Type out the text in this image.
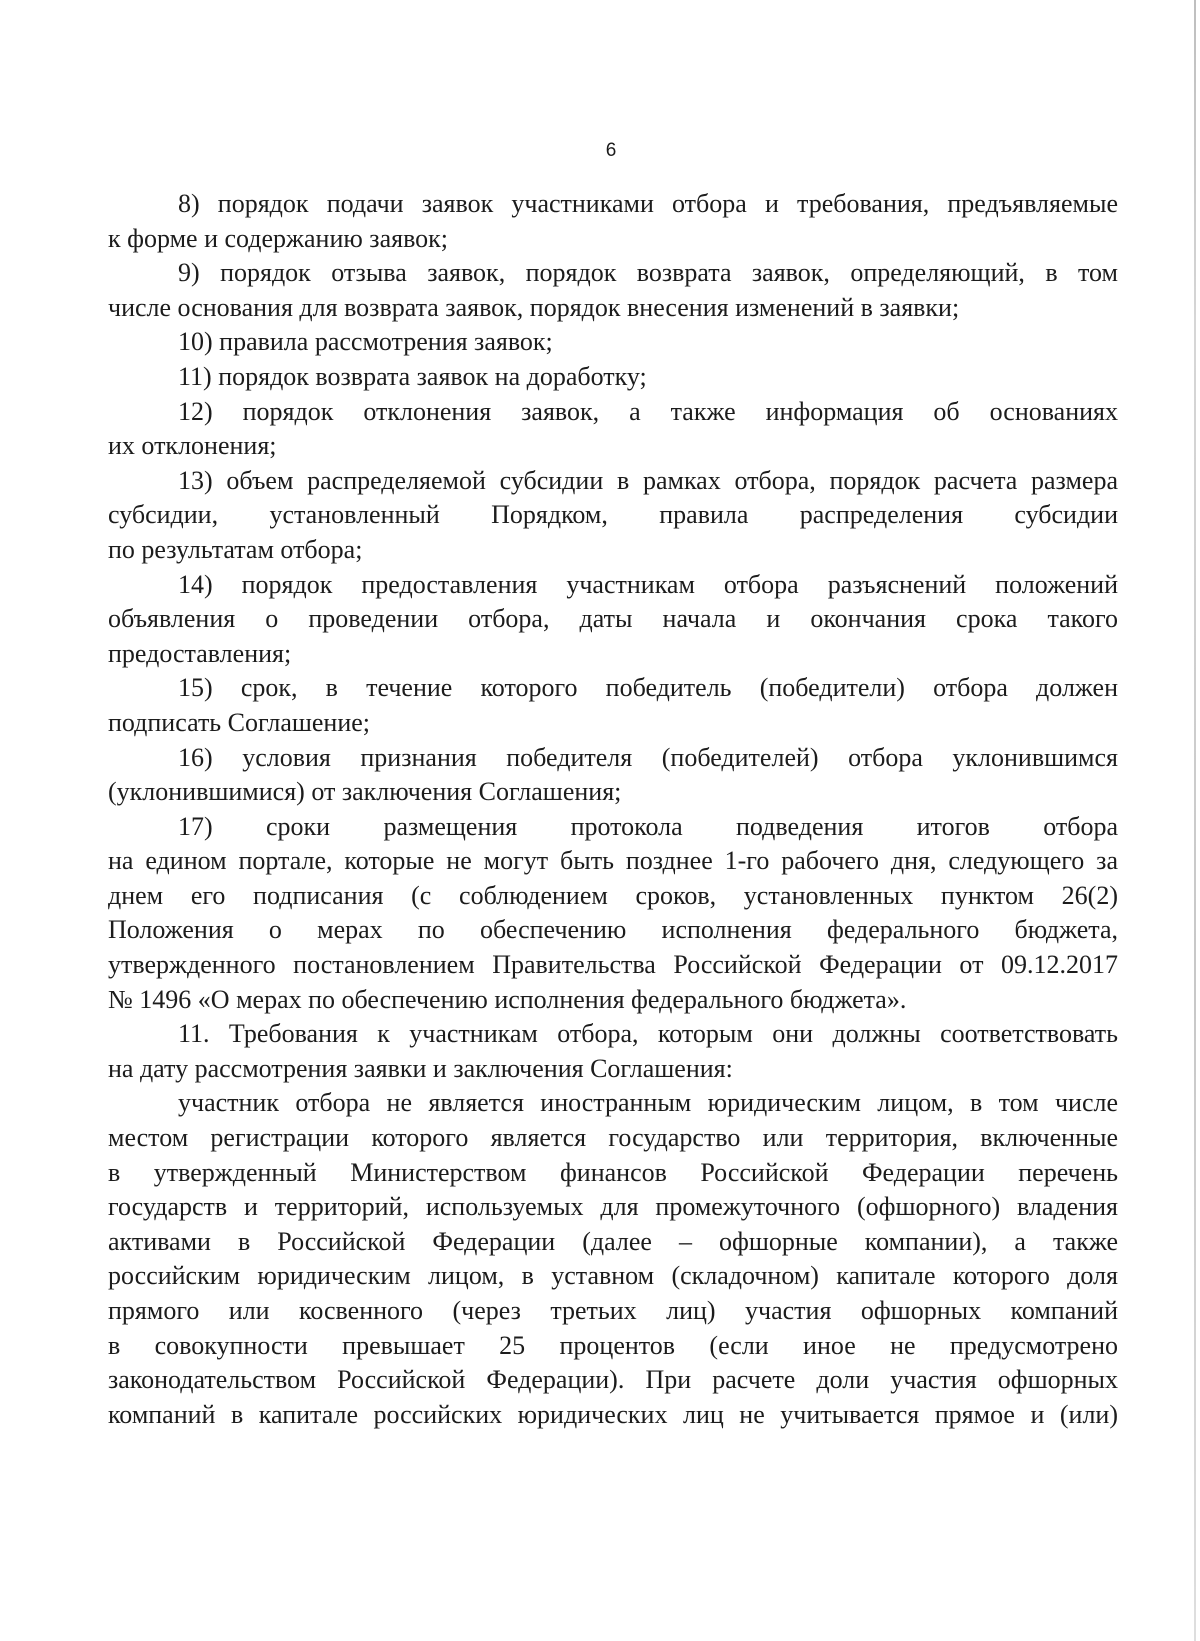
6
8) порядок подачи заявок участниками отбора и требования, предъявляемые
к форме и содержанию заявок;
9) порядок отзыва заявок, порядок возврата заявок, определяющий, в том
числе основания для возврата заявок, порядок внесения изменений в заявки;
10) правила рассмотрения заявок;
11) порядок возврата заявок на доработку;
12) порядок отклонения заявок, а также информация об основаниях
их отклонения;
13) объем распределяемой субсидии в рамках отбора, порядок расчета размера
субсидии, установленный Порядком, правила распределения субсидии
по результатам отбора;
14) порядок предоставления участникам отбора разъяснений положений
объявления о проведении отбора, даты начала и окончания срока такого
предоставления;
15) срок, в течение которого победитель (победители) отбора должен
подписать Соглашение;
16) условия признания победителя (победителей) отбора уклонившимся
(уклонившимися) от заключения Соглашения;
17) сроки размещения протокола подведения итогов отбора
на едином портале, которые не могут быть позднее 1-го рабочего дня, следующего за
днем его подписания (с соблюдением сроков, установленных пунктом 26(2)
Положения о мерах по обеспечению исполнения федерального бюджета,
утвержденного постановлением Правительства Российской Федерации от 09.12.2017
№ 1496 «О мерах по обеспечению исполнения федерального бюджета».
11. Требования к участникам отбора, которым они должны соответствовать
на дату рассмотрения заявки и заключения Соглашения:
участник отбора не является иностранным юридическим лицом, в том числе
местом регистрации которого является государство или территория, включенные
в утвержденный Министерством финансов Российской Федерации перечень
государств и территорий, используемых для промежуточного (офшорного) владения
активами в Российской Федерации (далее – офшорные компании), а также
российским юридическим лицом, в уставном (складочном) капитале которого доля
прямого или косвенного (через третьих лиц) участия офшорных компаний
в совокупности превышает 25 процентов (если иное не предусмотрено
законодательством Российской Федерации). При расчете доли участия офшорных
компаний в капитале российских юридических лиц не учитывается прямое и (или)
